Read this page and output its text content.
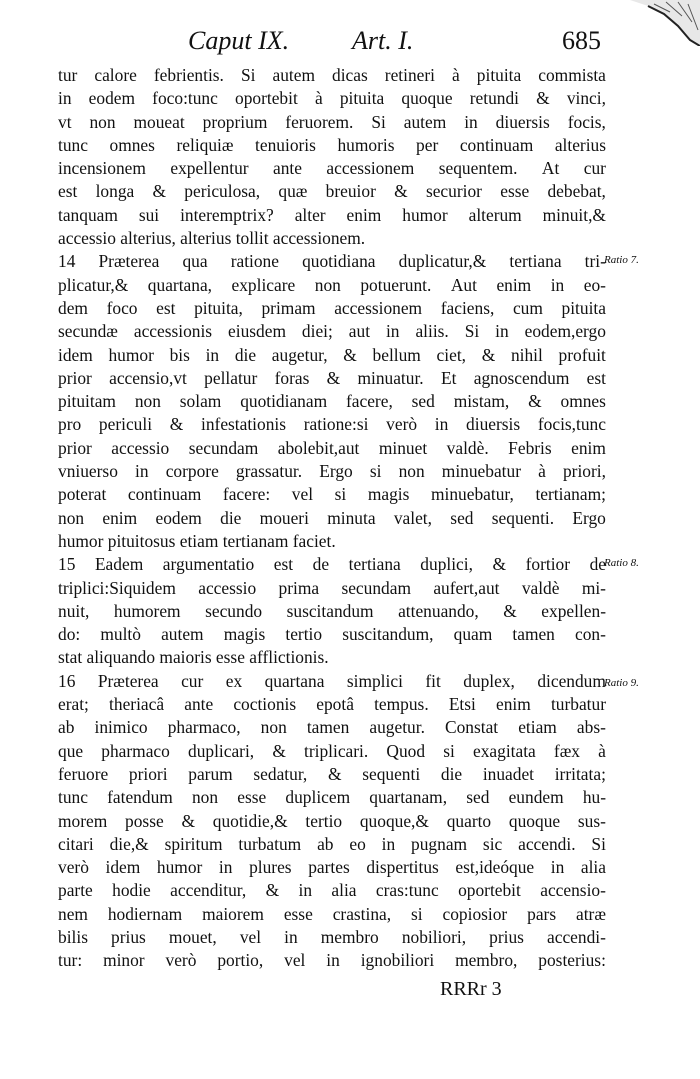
Caput IX. Art. I.	685
tur calore febrientis. Si autem dicas retineri à pituita commista
in eodem foco:tunc oportebit à pituita quoque retundi & vinci,
vt non moueat proprium feruorem. Si autem in diuersis focis,
tunc omnes reliquiæ tenuioris humoris per continuam alterius
incensionem expellentur ante accessionem sequentem. At cur
est longa & periculosa, quæ breuior & securior esse debebat,
tanquam sui interemptrix? alter enim humor alterum minuit,&
accessio alterius, alterius tollit accessionem.
14 Præterea qua ratione quotidiana duplicatur,& tertiana tri-
plicatur,& quartana, explicare non potuerunt. Aut enim in eo-
dem foco est pituita, primam accessionem faciens, cum pituita
secundæ accessionis eiusdem diei; aut in aliis. Si in eodem,ergo
idem humor bis in die augetur, & bellum ciet, & nihil profuit
prior accensio,vt pellatur foras & minuatur. Et agnoscendum est
pituitam non solam quotidianam facere, sed mistam, & omnes
pro periculi & infestationis ratione:si verò in diuersis focis,tunc
prior accessio secundam abolebit,aut minuet valdè. Febris enim
vniuerso in corpore grassatur. Ergo si non minuebatur à priori,
poterat continuam facere: vel si magis minuebatur, tertianam;
non enim eodem die moueri minuta valet, sed sequenti. Ergo
humor pituitosus etiam tertianam faciet.
15 Eadem argumentatio est de tertiana duplici, & fortior de
triplici:Siquidem accessio prima secundam aufert,aut valdè mi-
nuit, humorem secundo suscitandum attenuando, & expellen-
do: multò autem magis tertio suscitandum, quam tamen con-
stat aliquando maioris esse afflictionis.
16 Præterea cur ex quartana simplici fit duplex, dicendum
erat; theriacâ ante coctionis epotâ tempus. Etsi enim turbatur
ab inimico pharmaco, non tamen augetur. Constat etiam abs-
que pharmaco duplicari, & triplicari. Quod si exagitata fæx à
feruore priori parum sedatur, & sequenti die inuadet irritata;
tunc fatendum non esse duplicem quartanam, sed eundem hu-
morem posse & quotidie,& tertio quoque,& quarto quoque sus-
citari die,& spiritum turbatum ab eo in pugnam sic accendi. Si
verò idem humor in plures partes dispertitus est,ideóque in alia
parte hodie accenditur, & in alia cras:tunc oportebit accensio-
nem hodiernam maiorem esse crastina, si copiosior pars atræ
bilis prius mouet, vel in membro nobiliori, prius accendi-
tur: minor verò portio, vel in ignobiliori membro, posterius:
Ratio 7.
Ratio 8.
Ratio 9.
RRRr 3
